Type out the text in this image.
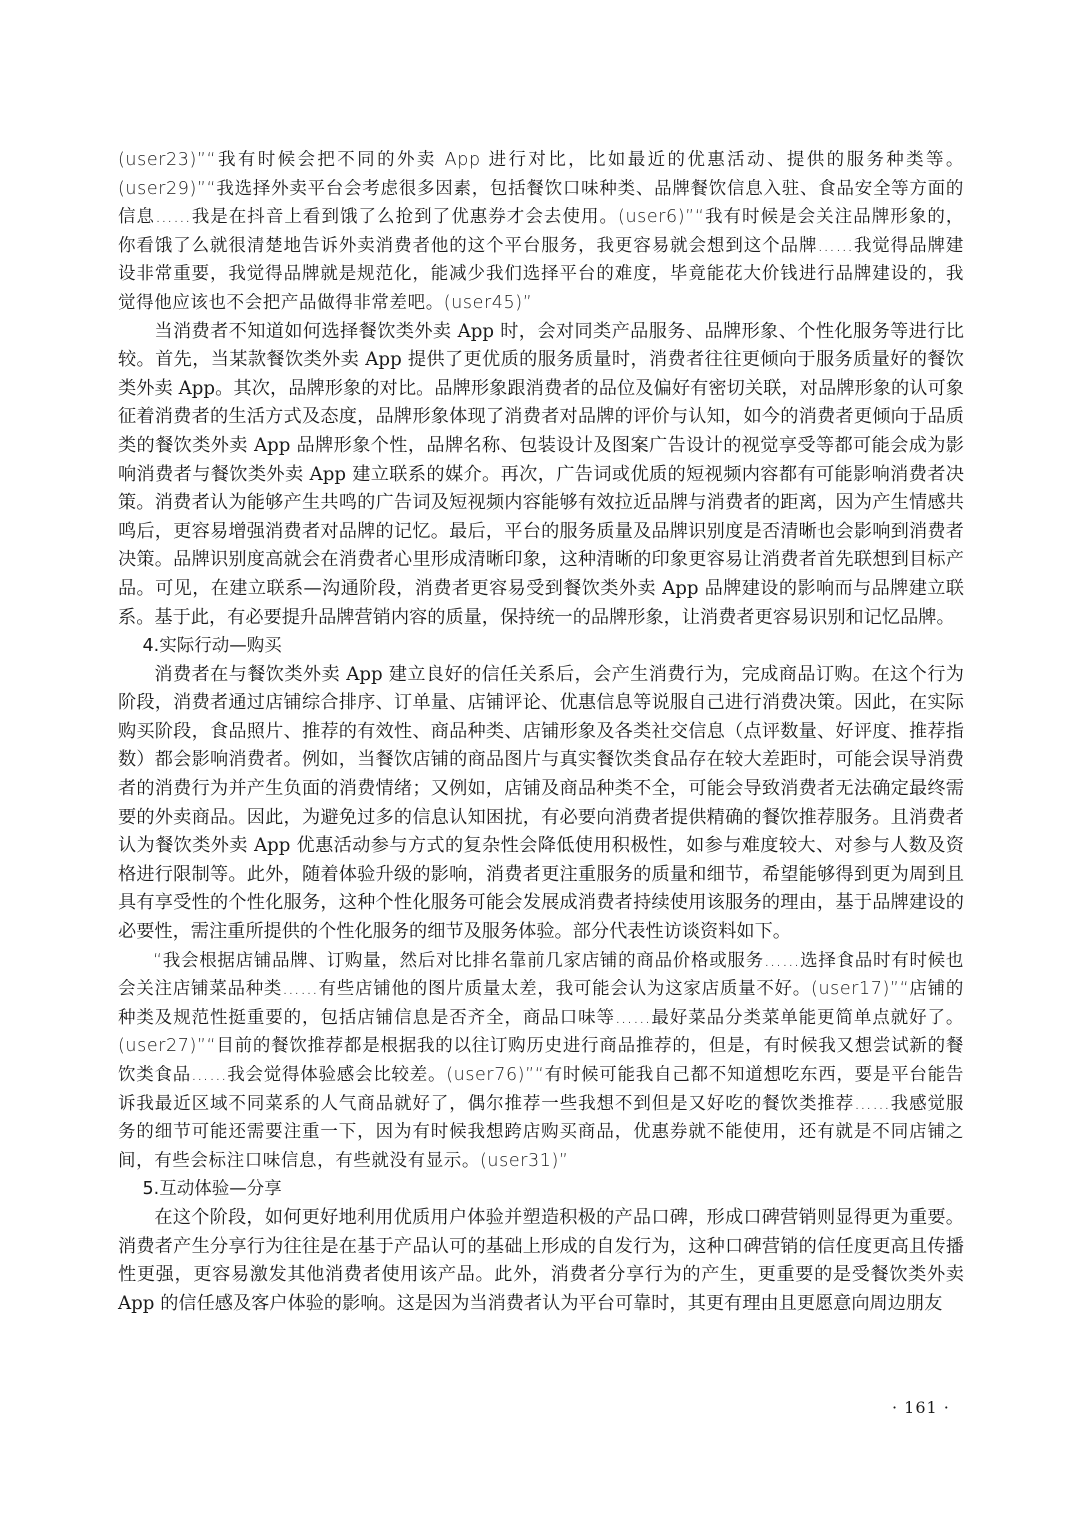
(user23)”“我有时候会把不同的外卖 App 进行对比，比如最近的优惠活动、提供的服务种类等。(user29)”“我选择外卖平台会考虑很多因素，包括餐饮口味种类、品牌餐饮信息入驻、食品安全等方面的信息……我是在抖音上看到饿了么抢到了优惠券才会去使用。(user6)”“我有时候是会关注品牌形象的，你看饿了么就很清楚地告诉外卖消费者他的这个平台服务，我更容易就会想到这个品牌……我觉得品牌建设非常重要，我觉得品牌就是规范化，能减少我们选择平台的难度，毕竟能花大价钱进行品牌建设的，我觉得他应该也不会把产品做得非常差吧。(user45)”

当消费者不知道如何选择餐饮类外卖 App 时，会对同类产品服务、品牌形象、个性化服务等进行比较。首先，当某款餐饮类外卖 App 提供了更优质的服务质量时，消费者往往更倾向于服务质量好的餐饮类外卖 App。其次，品牌形象的对比。品牌形象跟消费者的品位及偏好有密切关联，对品牌形象的认可象征着消费者的生活方式及态度，品牌形象体现了消费者对品牌的评价与认知，如今的消费者更倾向于品质类的餐饮类外卖 App 品牌形象个性，品牌名称、包装设计及图案广告设计的视觉享受等都可能会成为影响消费者与餐饮类外卖 App 建立联系的媒介。再次，广告词或优质的短视频内容都有可能影响消费者决策。消费者认为能够产生共鸣的广告词及短视频内容能够有效拉近品牌与消费者的距离，因为产生情感共鸣后，更容易增强消费者对品牌的记忆。最后，平台的服务质量及品牌识别度是否清晰也会影响到消费者决策。品牌识别度高就会在消费者心里形成清晰印象，这种清晰的印象更容易让消费者首先联想到目标产品。可见，在建立联系—沟通阶段，消费者更容易受到餐饮类外卖 App 品牌建设的影响而与品牌建立联系。基于此，有必要提升品牌营销内容的质量，保持统一的品牌形象，让消费者更容易识别和记忆品牌。

4.实际行动—购买

消费者在与餐饮类外卖 App 建立良好的信任关系后，会产生消费行为，完成商品订购。在这个行为阶段，消费者通过店铺综合排序、订单量、店铺评论、优惠信息等说服自己进行消费决策。因此，在实际购买阶段，食品照片、推荐的有效性、商品种类、店铺形象及各类社交信息（点评数量、好评度、推荐指数）都会影响消费者。例如，当餐饮店铺的商品图片与真实餐饮类食品存在较大差距时，可能会误导消费者的消费行为并产生负面的消费情绪；又例如，店铺及商品种类不全，可能会导致消费者无法确定最终需要的外卖商品。因此，为避免过多的信息认知困扰，有必要向消费者提供精确的餐饮推荐服务。且消费者认为餐饮类外卖 App 优惠活动参与方式的复杂性会降低使用积极性，如参与难度较大、对参与人数及资格进行限制等。此外，随着体验升级的影响，消费者更注重服务的质量和细节，希望能够得到更为周到且具有享受性的个性化服务，这种个性化服务可能会发展成消费者持续使用该服务的理由，基于品牌建设的必要性，需注重所提供的个性化服务的细节及服务体验。部分代表性访谈资料如下。

“我会根据店铺品牌、订购量，然后对比排名靠前几家店铺的商品价格或服务……选择食品时有时候也会关注店铺菜品种类……有些店铺他的图片质量太差，我可能会认为这家店质量不好。(user17)”“店铺的种类及规范性挺重要的，包括店铺信息是否齐全，商品口味等……最好菜品分类菜单能更简单点就好了。(user27)”“目前的餐饮推荐都是根据我的以往订购历史进行商品推荐的，但是，有时候我又想尝试新的餐饮类食品……我会觉得体验感会比较差。(user76)”“有时候可能我自己都不知道想吃东西，要是平台能告诉我最近区域不同菜系的人气商品就好了，偶尔推荐一些我想不到但是又好吃的餐饮类推荐……我感觉服务的细节可能还需要注重一下，因为有时候我想跨店购买商品，优惠券就不能使用，还有就是不同店铺之间，有些会标注口味信息，有些就没有显示。(user31)”

5.互动体验—分享

在这个阶段，如何更好地利用优质用户体验并塑造积极的产品口碑，形成口碑营销则显得更为重要。消费者产生分享行为往往是在基于产品认可的基础上形成的自发行为，这种口碑营销的信任度更高且传播性更强，更容易激发其他消费者使用该产品。此外，消费者分享行为的产生，更重要的是受餐饮类外卖 App 的信任感及客户体验的影响。这是因为当消费者认为平台可靠时，其更有理由且更愿意向周边朋友

· 161 ·
